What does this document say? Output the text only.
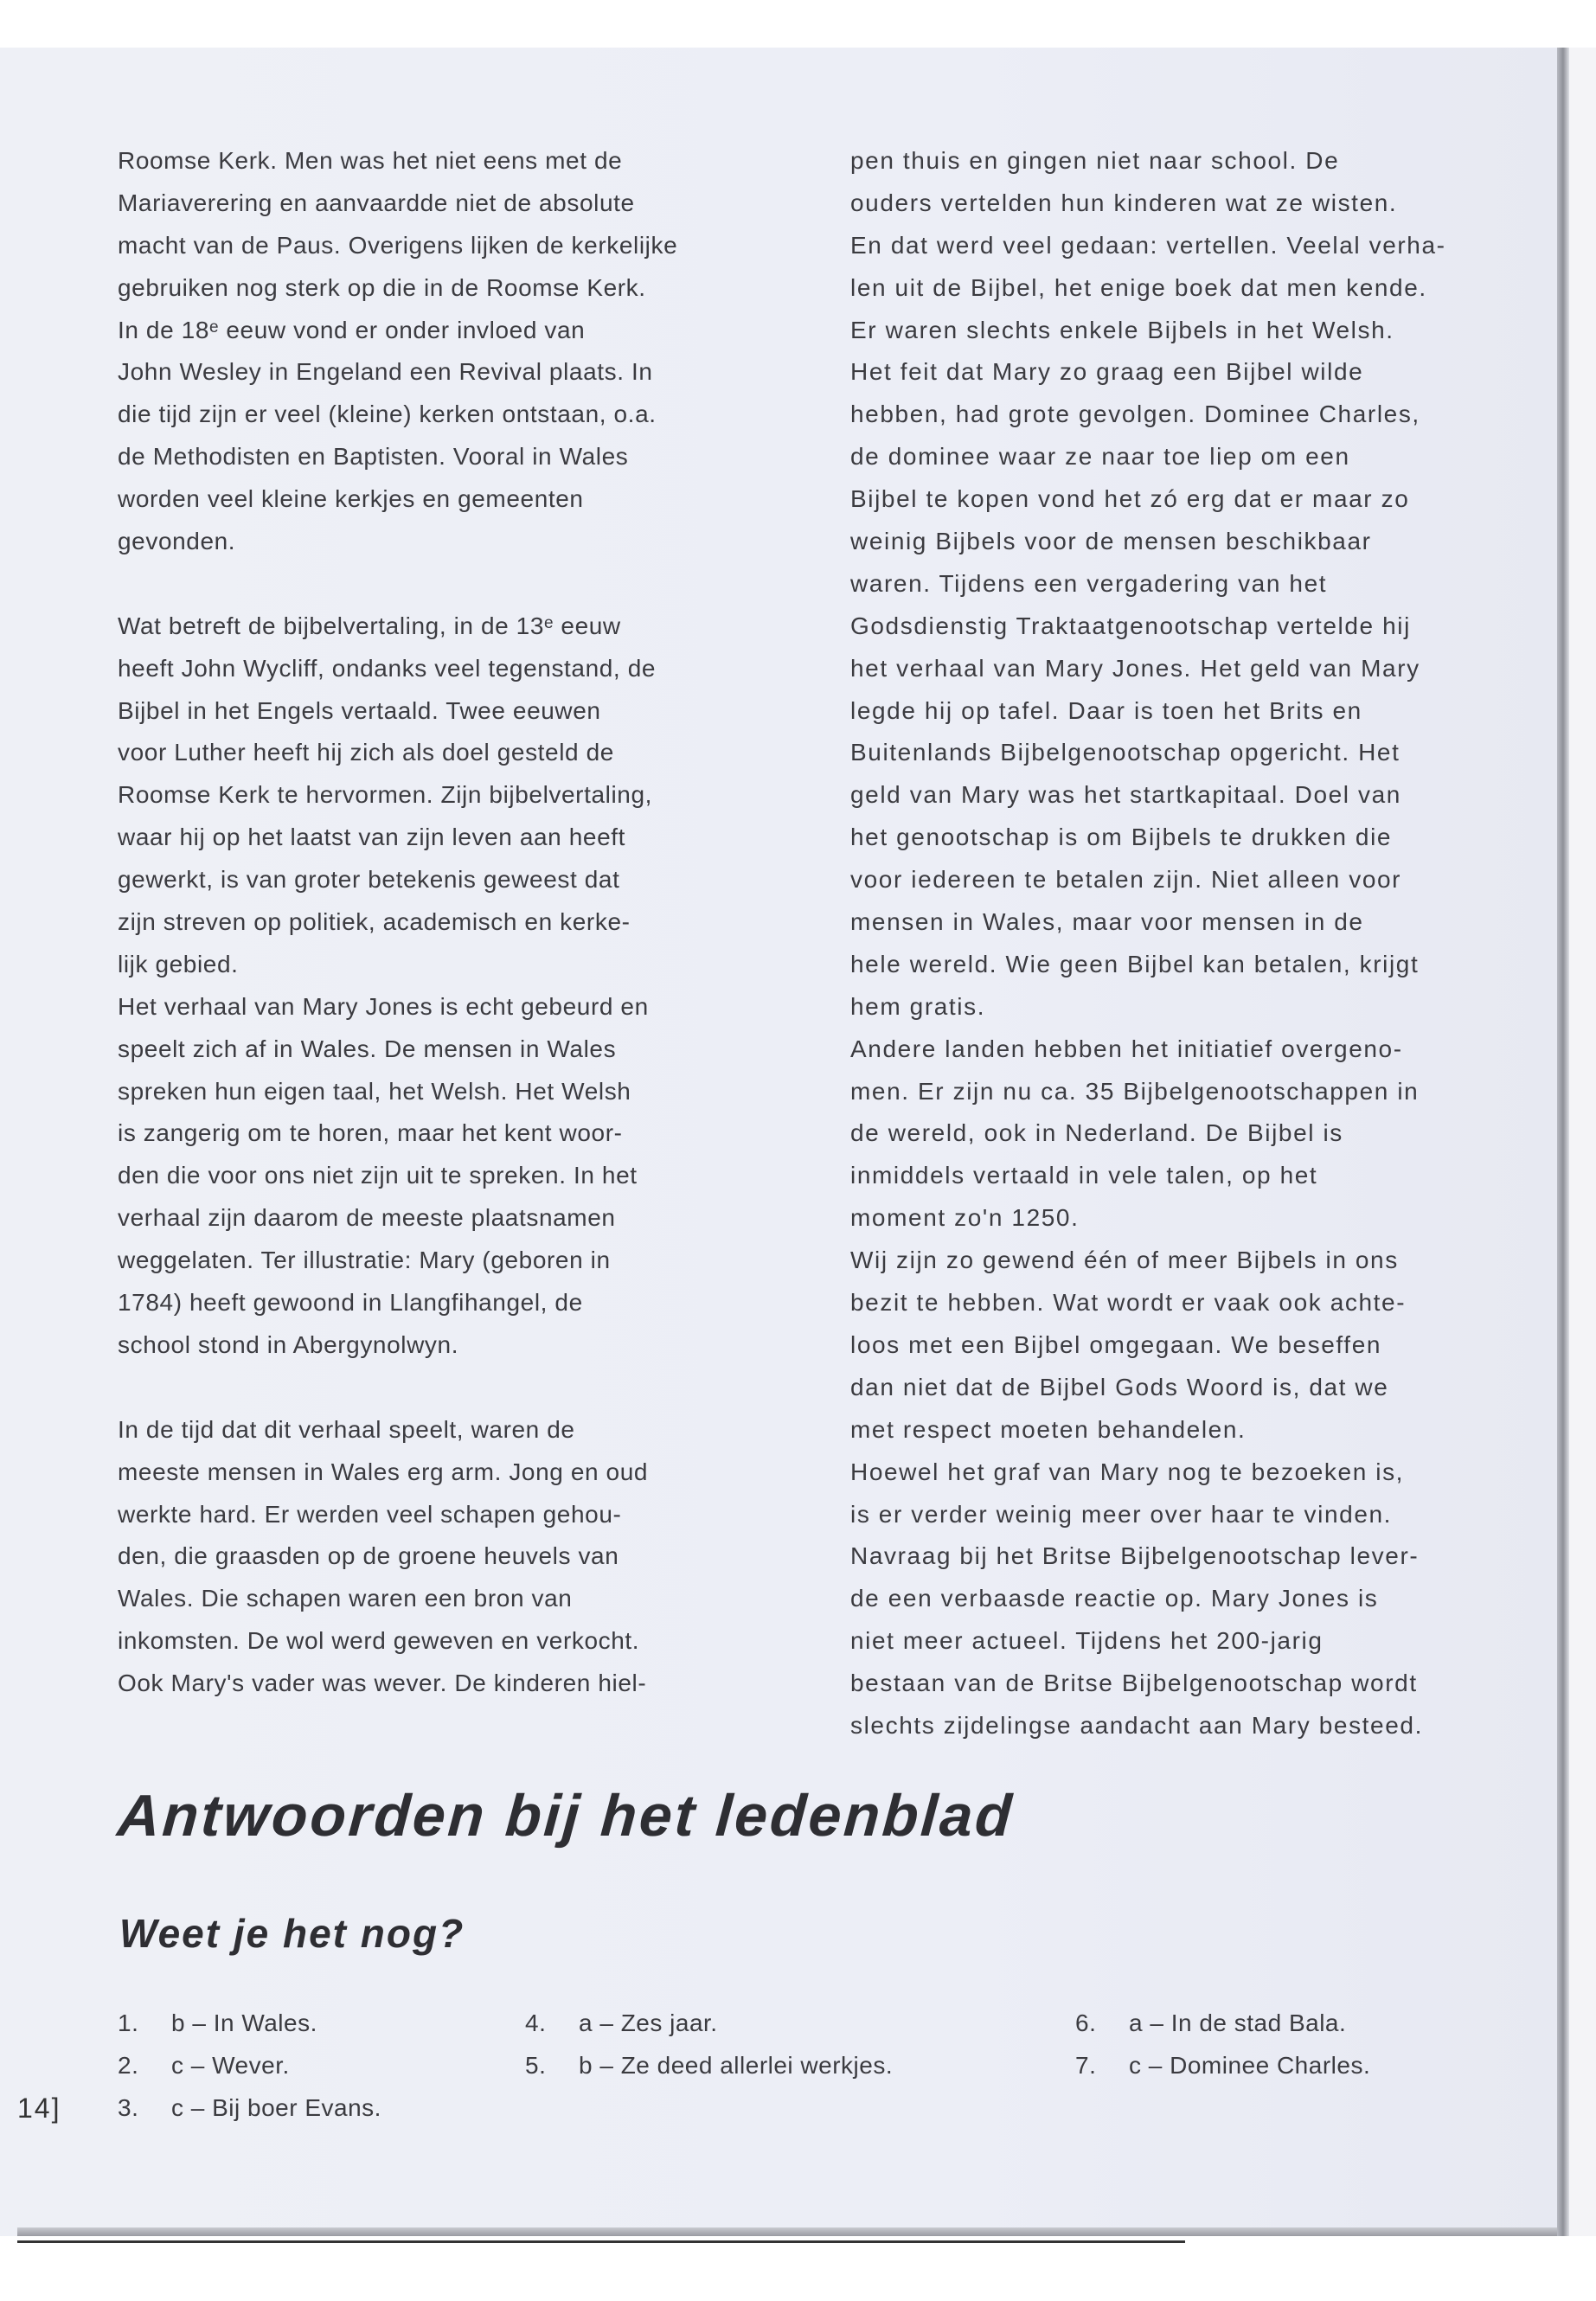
Roomse Kerk. Men was het niet eens met de
Mariaverering en aanvaardde niet de absolute
macht van de Paus. Overigens lijken de kerkelijke
gebruiken nog sterk op die in de Roomse Kerk.
In de 18ᵉ eeuw vond er onder invloed van
John Wesley in Engeland een Revival plaats. In
die tijd zijn er veel (kleine) kerken ontstaan, o.a.
de Methodisten en Baptisten. Vooral in Wales
worden veel kleine kerkjes en gemeenten
gevonden.
Wat betreft de bijbelvertaling, in de 13ᵉ eeuw
heeft John Wycliff, ondanks veel tegenstand, de
Bijbel in het Engels vertaald. Twee eeuwen
voor Luther heeft hij zich als doel gesteld de
Roomse Kerk te hervormen. Zijn bijbelvertaling,
waar hij op het laatst van zijn leven aan heeft
gewerkt, is van groter betekenis geweest dat
zijn streven op politiek, academisch en kerke-
lijk gebied.
Het verhaal van Mary Jones is echt gebeurd en
speelt zich af in Wales. De mensen in Wales
spreken hun eigen taal, het Welsh. Het Welsh
is zangerig om te horen, maar het kent woor-
den die voor ons niet zijn uit te spreken. In het
verhaal zijn daarom de meeste plaatsnamen
weggelaten. Ter illustratie: Mary (geboren in
1784) heeft gewoond in Llangfihangel, de
school stond in Abergynolwyn.
In de tijd dat dit verhaal speelt, waren de
meeste mensen in Wales erg arm. Jong en oud
werkte hard. Er werden veel schapen gehou-
den, die graasden op de groene heuvels van
Wales. Die schapen waren een bron van
inkomsten. De wol werd geweven en verkocht.
Ook Mary's vader was wever. De kinderen hiel-
pen thuis en gingen niet naar school. De
ouders vertelden hun kinderen wat ze wisten.
En dat werd veel gedaan: vertellen. Veelal verha-
len uit de Bijbel, het enige boek dat men kende.
Er waren slechts enkele Bijbels in het Welsh.
Het feit dat Mary zo graag een Bijbel wilde
hebben, had grote gevolgen. Dominee Charles,
de dominee waar ze naar toe liep om een
Bijbel te kopen vond het zó erg dat er maar zo
weinig Bijbels voor de mensen beschikbaar
waren. Tijdens een vergadering van het
Godsdienstig Traktaatgenootschap vertelde hij
het verhaal van Mary Jones. Het geld van Mary
legde hij op tafel. Daar is toen het Brits en
Buitenlands Bijbelgenootschap opgericht. Het
geld van Mary was het startkapitaal. Doel van
het genootschap is om Bijbels te drukken die
voor iedereen te betalen zijn. Niet alleen voor
mensen in Wales, maar voor mensen in de
hele wereld. Wie geen Bijbel kan betalen, krijgt
hem gratis.
Andere landen hebben het initiatief overgeno-
men. Er zijn nu ca. 35 Bijbelgenootschappen in
de wereld, ook in Nederland. De Bijbel is
inmiddels vertaald in vele talen, op het
moment zo'n 1250.
Wij zijn zo gewend één of meer Bijbels in ons
bezit te hebben. Wat wordt er vaak ook achte-
loos met een Bijbel omgegaan. We beseffen
dan niet dat de Bijbel Gods Woord is, dat we
met respect moeten behandelen.
Hoewel het graf van Mary nog te bezoeken is,
is er verder weinig meer over haar te vinden.
Navraag bij het Britse Bijbelgenootschap lever-
de een verbaasde reactie op. Mary Jones is
niet meer actueel. Tijdens het 200-jarig
bestaan van de Britse Bijbelgenootschap wordt
slechts zijdelingse aandacht aan Mary besteed.
Antwoorden bij het ledenblad
Weet je het nog?
1. b – In Wales.
2. c – Wever.
3. c – Bij boer Evans.
4. a – Zes jaar.
5. b – Ze deed allerlei werkjes.
6. a – In de stad Bala.
7. c – Dominee Charles.
14]
